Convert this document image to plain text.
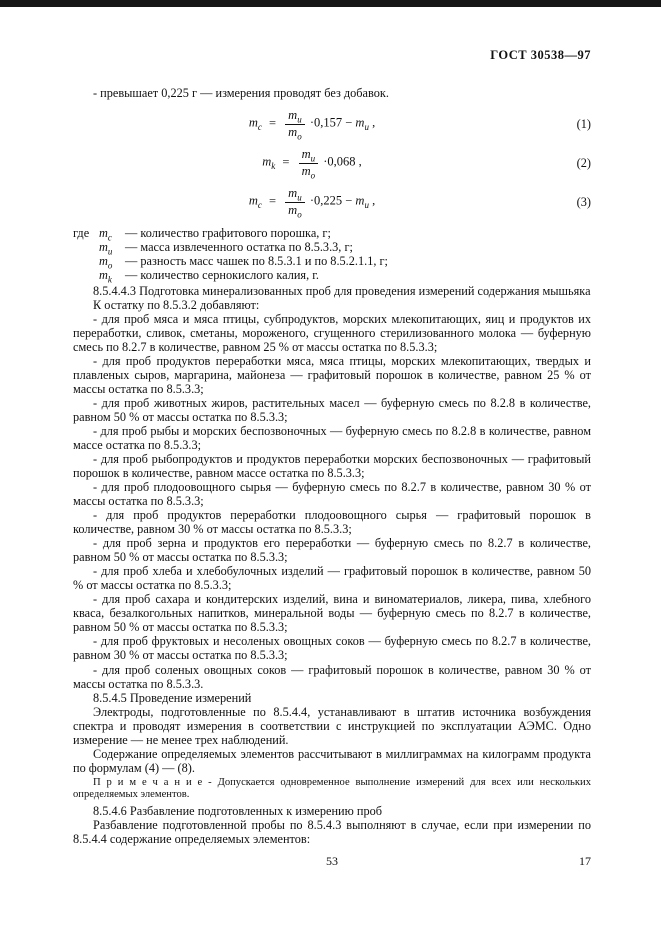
ГОСТ 30538—97

- превышает 0,225 г — измерения проводят без добавок.

$m_c = \frac{m_и}{m_о} \cdot 0,157 - m_и$ ,	(1)
$m_k = \frac{m_и}{m_о} \cdot 0,068$ ,	(2)
$m_c = \frac{m_и}{m_о} \cdot 0,225 - m_и$ ,	(3)
где $m_с$	— количество графитового порошка, г;
$m_и$	— масса извлеченного остатка по 8.5.3.3, г;
$m_о$	— разность масс чашек по 8.5.3.1 и по 8.5.2.1.1, г;
$m_k$	— количество сернокислого калия, г.

8.5.4.4.3 Подготовка минерализованных проб для проведения измерений содержания мышьяка

К остатку по 8.5.3.2 добавляют:

- для проб мяса и мяса птицы, субпродуктов, морских млекопитающих, яиц и продуктов их переработки, сливок, сметаны, мороженого, сгущенного стерилизованного молока — буферную смесь по 8.2.7 в количестве, равном 25 % от массы остатка по 8.5.3.3;

- для проб продуктов переработки мяса, мяса птицы, морских млекопитающих, твердых и плавленых сыров, маргарина, майонеза — графитовый порошок в количестве, равном 25 % от массы остатка по 8.5.3.3;

- для проб животных жиров, растительных масел — буферную смесь по 8.2.8 в количестве, равном 50 % от массы остатка по 8.5.3.3;

- для проб рыбы и морских беспозвоночных — буферную смесь по 8.2.8 в количестве, равном массе остатка по 8.5.3.3;

- для проб рыбопродуктов и продуктов переработки морских беспозвоночных — графитовый порошок в количестве, равном массе остатка по 8.5.3.3;

- для проб плодоовощного сырья — буферную смесь по 8.2.7 в количестве, равном 30 % от массы остатка по 8.5.3.3;

- для проб продуктов переработки плодоовощного сырья — графитовый порошок в количестве, равном 30 % от массы остатка по 8.5.3.3;

- для проб зерна и продуктов его переработки — буферную смесь по 8.2.7 в количестве, равном 50 % от массы остатка по 8.5.3.3;

- для проб хлеба и хлебобулочных изделий — графитовый порошок в количестве, равном 50 % от массы остатка по 8.5.3.3;

- для проб сахара и кондитерских изделий, вина и виноматериалов, ликера, пива, хлебного кваса, безалкогольных напитков, минеральной воды — буферную смесь по 8.2.7 в количестве, равном 50 % от массы остатка по 8.5.3.3;

- для проб фруктовых и несоленых овощных соков — буферную смесь по 8.2.7 в количестве, равном 30 % от массы остатка по 8.5.3.3;

- для проб соленых овощных соков — графитовый порошок в количестве, равном 30 % от массы остатка по 8.5.3.3.

8.5.4.5 Проведение измерений

Электроды, подготовленные по 8.5.4.4, устанавливают в штатив источника возбуждения спектра и проводят измерения в соответствии с инструкцией по эксплуатации АЭМС. Одно измерение — не менее трех наблюдений.

Содержание определяемых элементов рассчитывают в миллиграммах на килограмм продукта по формулам (4) — (8).

П р и м е ч а н и е - Допускается одновременное выполнение измерений для всех или нескольких определяемых элементов.

8.5.4.6 Разбавление подготовленных к измерению проб

Разбавление подготовленной пробы по 8.5.4.3 выполняют в случае, если при измерении по 8.5.4.4 содержание определяемых элементов:

53	17
